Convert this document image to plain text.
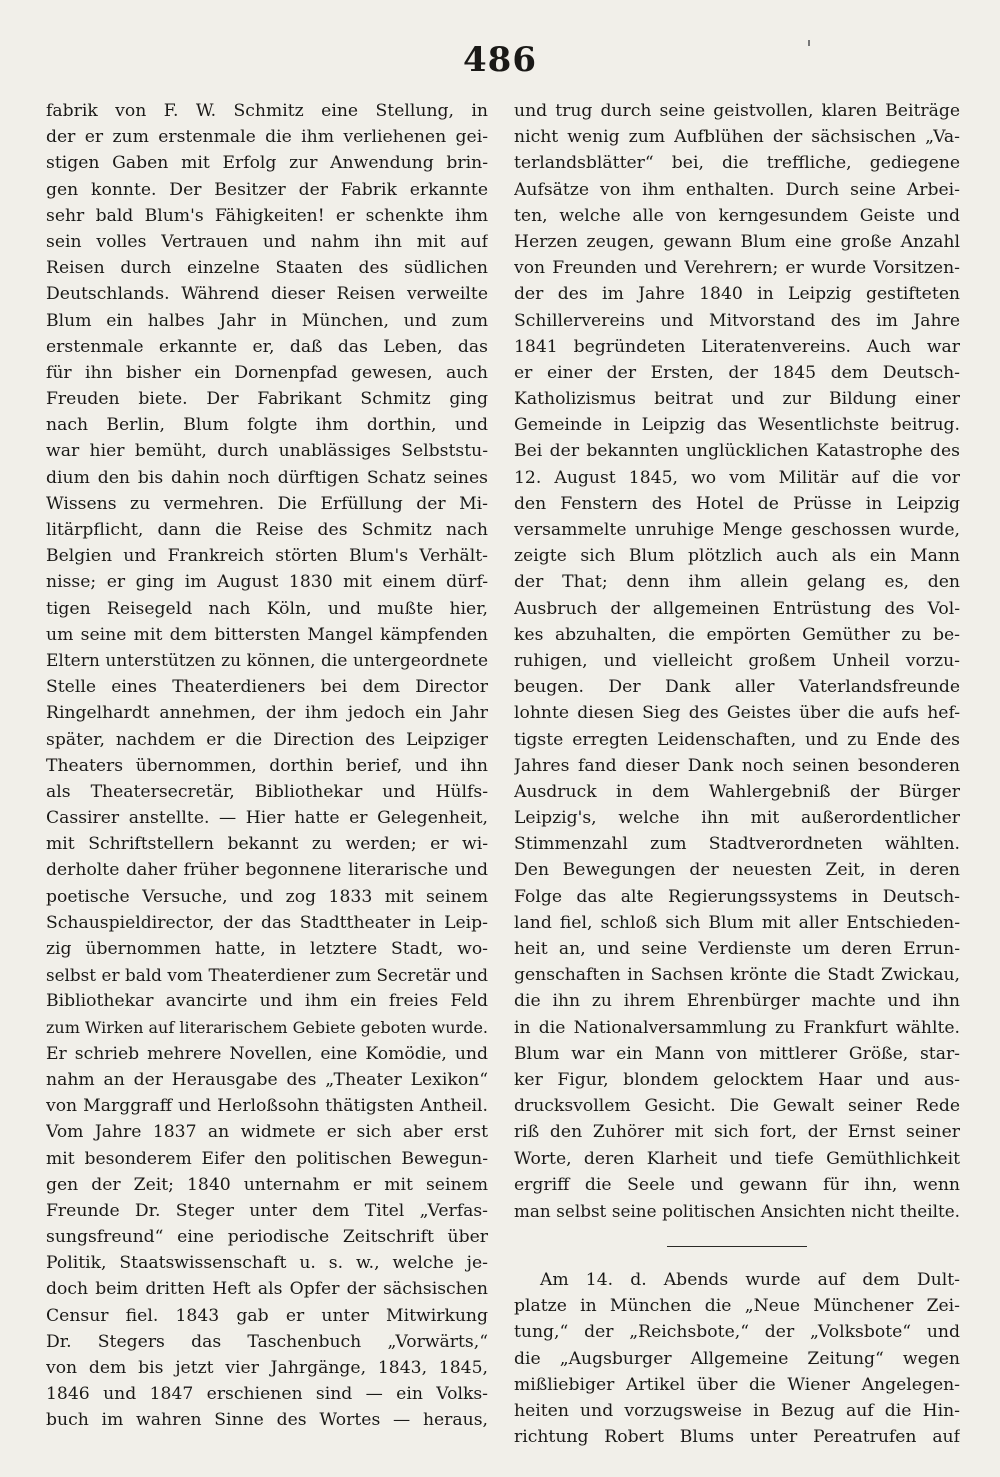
486
fabrik von F. W. Schmitz eine Stellung, in
der er zum erstenmale die ihm verliehenen gei-
stigen Gaben mit Erfolg zur Anwendung brin-
gen konnte. Der Besitzer der Fabrik erkannte
sehr bald Blum's Fähigkeiten! er schenkte ihm
sein volles Vertrauen und nahm ihn mit auf
Reisen durch einzelne Staaten des südlichen
Deutschlands. Während dieser Reisen verweilte
Blum ein halbes Jahr in München, und zum
erstenmale erkannte er, daß das Leben, das
für ihn bisher ein Dornenpfad gewesen, auch
Freuden biete. Der Fabrikant Schmitz ging
nach Berlin, Blum folgte ihm dorthin, und
war hier bemüht, durch unablässiges Selbststu-
dium den bis dahin noch dürftigen Schatz seines
Wissens zu vermehren. Die Erfüllung der Mi-
litärpflicht, dann die Reise des Schmitz nach
Belgien und Frankreich störten Blum's Verhält-
nisse; er ging im August 1830 mit einem dürf-
tigen Reisegeld nach Köln, und mußte hier,
um seine mit dem bittersten Mangel kämpfenden
Eltern unterstützen zu können, die untergeordnete
Stelle eines Theaterdieners bei dem Director
Ringelhardt annehmen, der ihm jedoch ein Jahr
später, nachdem er die Direction des Leipziger
Theaters übernommen, dorthin berief, und ihn
als Theatersecretär, Bibliothekar und Hülfs-
Cassirer anstellte. — Hier hatte er Gelegenheit,
mit Schriftstellern bekannt zu werden; er wi-
derholte daher früher begonnene literarische und
poetische Versuche, und zog 1833 mit seinem
Schauspieldirector, der das Stadttheater in Leip-
zig übernommen hatte, in letztere Stadt, wo-
selbst er bald vom Theaterdiener zum Secretär und
Bibliothekar avancirte und ihm ein freies Feld
zum Wirken auf literarischem Gebiete geboten wurde.
Er schrieb mehrere Novellen, eine Komödie, und
nahm an der Herausgabe des „Theater Lexikon“
von Marggraff und Herloßsohn thätigsten Antheil.
Vom Jahre 1837 an widmete er sich aber erst
mit besonderem Eifer den politischen Bewegun-
gen der Zeit; 1840 unternahm er mit seinem
Freunde Dr. Steger unter dem Titel „Verfas-
sungsfreund“ eine periodische Zeitschrift über
Politik, Staatswissenschaft u. s. w., welche je-
doch beim dritten Heft als Opfer der sächsischen
Censur fiel. 1843 gab er unter Mitwirkung
Dr. Stegers das Taschenbuch „Vorwärts,“
von dem bis jetzt vier Jahrgänge, 1843, 1845,
1846 und 1847 erschienen sind — ein Volks-
buch im wahren Sinne des Wortes — heraus,
und trug durch seine geistvollen, klaren Beiträge
nicht wenig zum Aufblühen der sächsischen „Va-
terlandsblätter“ bei, die treffliche, gediegene
Aufsätze von ihm enthalten. Durch seine Arbei-
ten, welche alle von kerngesundem Geiste und
Herzen zeugen, gewann Blum eine große Anzahl
von Freunden und Verehrern; er wurde Vorsitzen-
der des im Jahre 1840 in Leipzig gestifteten
Schillervereins und Mitvorstand des im Jahre
1841 begründeten Literatenvereins. Auch war
er einer der Ersten, der 1845 dem Deutsch-
Katholizismus beitrat und zur Bildung einer
Gemeinde in Leipzig das Wesentlichste beitrug.
Bei der bekannten unglücklichen Katastrophe des
12. August 1845, wo vom Militär auf die vor
den Fenstern des Hotel de Prüsse in Leipzig
versammelte unruhige Menge geschossen wurde,
zeigte sich Blum plötzlich auch als ein Mann
der That; denn ihm allein gelang es, den
Ausbruch der allgemeinen Entrüstung des Vol-
kes abzuhalten, die empörten Gemüther zu be-
ruhigen, und vielleicht großem Unheil vorzu-
beugen. Der Dank aller Vaterlandsfreunde
lohnte diesen Sieg des Geistes über die aufs hef-
tigste erregten Leidenschaften, und zu Ende des
Jahres fand dieser Dank noch seinen besonderen
Ausdruck in dem Wahlergebniß der Bürger
Leipzig's, welche ihn mit außerordentlicher
Stimmenzahl zum Stadtverordneten wählten.
Den Bewegungen der neuesten Zeit, in deren
Folge das alte Regierungssystems in Deutsch-
land fiel, schloß sich Blum mit aller Entschieden-
heit an, und seine Verdienste um deren Errun-
genschaften in Sachsen krönte die Stadt Zwickau,
die ihn zu ihrem Ehrenbürger machte und ihn
in die Nationalversammlung zu Frankfurt wählte.
Blum war ein Mann von mittlerer Größe, star-
ker Figur, blondem gelocktem Haar und aus-
drucksvollem Gesicht. Die Gewalt seiner Rede
riß den Zuhörer mit sich fort, der Ernst seiner
Worte, deren Klarheit und tiefe Gemüthlichkeit
ergriff die Seele und gewann für ihn, wenn
man selbst seine politischen Ansichten nicht theilte.
Am 14. d. Abends wurde auf dem Dult-
platze in München die „Neue Münchener Zei-
tung,“ der „Reichsbote,“ der „Volksbote“ und
die „Augsburger Allgemeine Zeitung“ wegen
mißliebiger Artikel über die Wiener Angelegen-
heiten und vorzugsweise in Bezug auf die Hin-
richtung Robert Blums unter Pereatrufen auf
